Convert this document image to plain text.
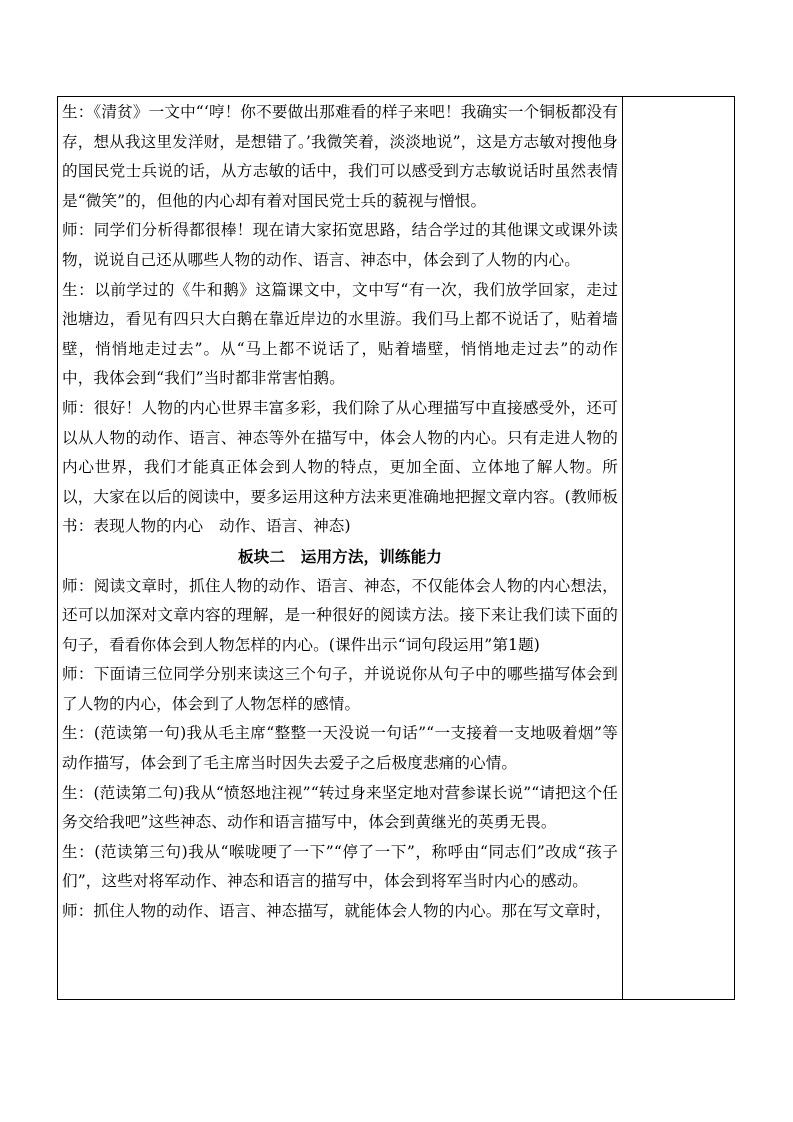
生：《清贫》一文中“‘哼！你不要做出那难看的样子来吧！我确实一个铜板都没有存，想从我这里发洋财，是想错了。’我微笑着，淡淡地说”，这是方志敏对搜他身的国民党士兵说的话，从方志敏的话中，我们可以感受到方志敏说话时虽然表情是“微笑”的，但他的内心却有着对国民党士兵的藐视与憎恨。

师：同学们分析得都很棒！现在请大家拓宽思路，结合学过的其他课文或课外读物，说说自己还从哪些人物的动作、语言、神态中，体会到了人物的内心。

生：以前学过的《牛和鹅》这篇课文中，文中写“有一次，我们放学回家，走过池塘边，看见有四只大白鹅在靠近岸边的水里游。我们马上都不说话了，贴着墙壁，悄悄地走过去”。从“马上都不说话了，贴着墙壁，悄悄地走过去”的动作中，我体会到“我们”当时都非常害怕鹅。

师：很好！人物的内心世界丰富多彩，我们除了从心理描写中直接感受外，还可以从人物的动作、语言、神态等外在描写中，体会人物的内心。只有走进人物的内心世界，我们才能真正体会到人物的特点，更加全面、立体地了解人物。所以，大家在以后的阅读中，要多运用这种方法来更准确地把握文章内容。(教师板书：表现人物的内心　动作、语言、神态)

板块二　运用方法，训练能力

师：阅读文章时，抓住人物的动作、语言、神态，不仅能体会人物的内心想法，还可以加深对文章内容的理解，是一种很好的阅读方法。接下来让我们读下面的句子，看看你体会到人物怎样的内心。(课件出示“词句段运用”第1题)

师：下面请三位同学分别来读这三个句子，并说说你从句子中的哪些描写体会到了人物的内心，体会到了人物怎样的感情。

生：(范读第一句)我从毛主席“整整一天没说一句话”“一支接着一支地吸着烟”等动作描写，体会到了毛主席当时因失去爱子之后极度悲痛的心情。

生：(范读第二句)我从“愤怒地注视”“转过身来坚定地对营参谋长说”“请把这个任务交给我吧”这些神态、动作和语言描写中，体会到黄继光的英勇无畏。

生：(范读第三句)我从“喉咙哽了一下”“停了一下”，称呼由“同志们”改成“孩子们”，这些对将军动作、神态和语言的描写中，体会到将军当时内心的感动。

师：抓住人物的动作、语言、神态描写，就能体会人物的内心。那在写文章时，
